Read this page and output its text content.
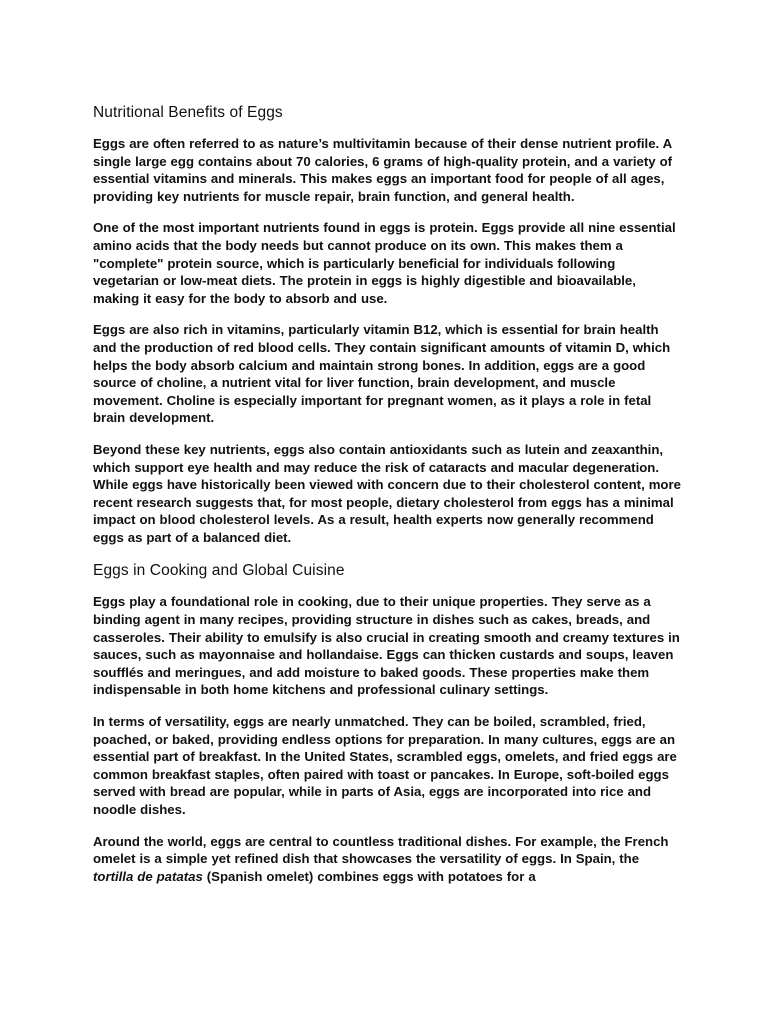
Nutritional Benefits of Eggs

Eggs are often referred to as nature’s multivitamin because of their dense nutrient profile. A single large egg contains about 70 calories, 6 grams of high-quality protein, and a variety of essential vitamins and minerals. This makes eggs an important food for people of all ages, providing key nutrients for muscle repair, brain function, and general health.

One of the most important nutrients found in eggs is protein. Eggs provide all nine essential amino acids that the body needs but cannot produce on its own. This makes them a "complete" protein source, which is particularly beneficial for individuals following vegetarian or low-meat diets. The protein in eggs is highly digestible and bioavailable, making it easy for the body to absorb and use.

Eggs are also rich in vitamins, particularly vitamin B12, which is essential for brain health and the production of red blood cells. They contain significant amounts of vitamin D, which helps the body absorb calcium and maintain strong bones. In addition, eggs are a good source of choline, a nutrient vital for liver function, brain development, and muscle movement. Choline is especially important for pregnant women, as it plays a role in fetal brain development.

Beyond these key nutrients, eggs also contain antioxidants such as lutein and zeaxanthin, which support eye health and may reduce the risk of cataracts and macular degeneration. While eggs have historically been viewed with concern due to their cholesterol content, more recent research suggests that, for most people, dietary cholesterol from eggs has a minimal impact on blood cholesterol levels. As a result, health experts now generally recommend eggs as part of a balanced diet.

Eggs in Cooking and Global Cuisine

Eggs play a foundational role in cooking, due to their unique properties. They serve as a binding agent in many recipes, providing structure in dishes such as cakes, breads, and casseroles. Their ability to emulsify is also crucial in creating smooth and creamy textures in sauces, such as mayonnaise and hollandaise. Eggs can thicken custards and soups, leaven soufflés and meringues, and add moisture to baked goods. These properties make them indispensable in both home kitchens and professional culinary settings.

In terms of versatility, eggs are nearly unmatched. They can be boiled, scrambled, fried, poached, or baked, providing endless options for preparation. In many cultures, eggs are an essential part of breakfast. In the United States, scrambled eggs, omelets, and fried eggs are common breakfast staples, often paired with toast or pancakes. In Europe, soft-boiled eggs served with bread are popular, while in parts of Asia, eggs are incorporated into rice and noodle dishes.

Around the world, eggs are central to countless traditional dishes. For example, the French omelet is a simple yet refined dish that showcases the versatility of eggs. In Spain, the tortilla de patatas (Spanish omelet) combines eggs with potatoes for a
